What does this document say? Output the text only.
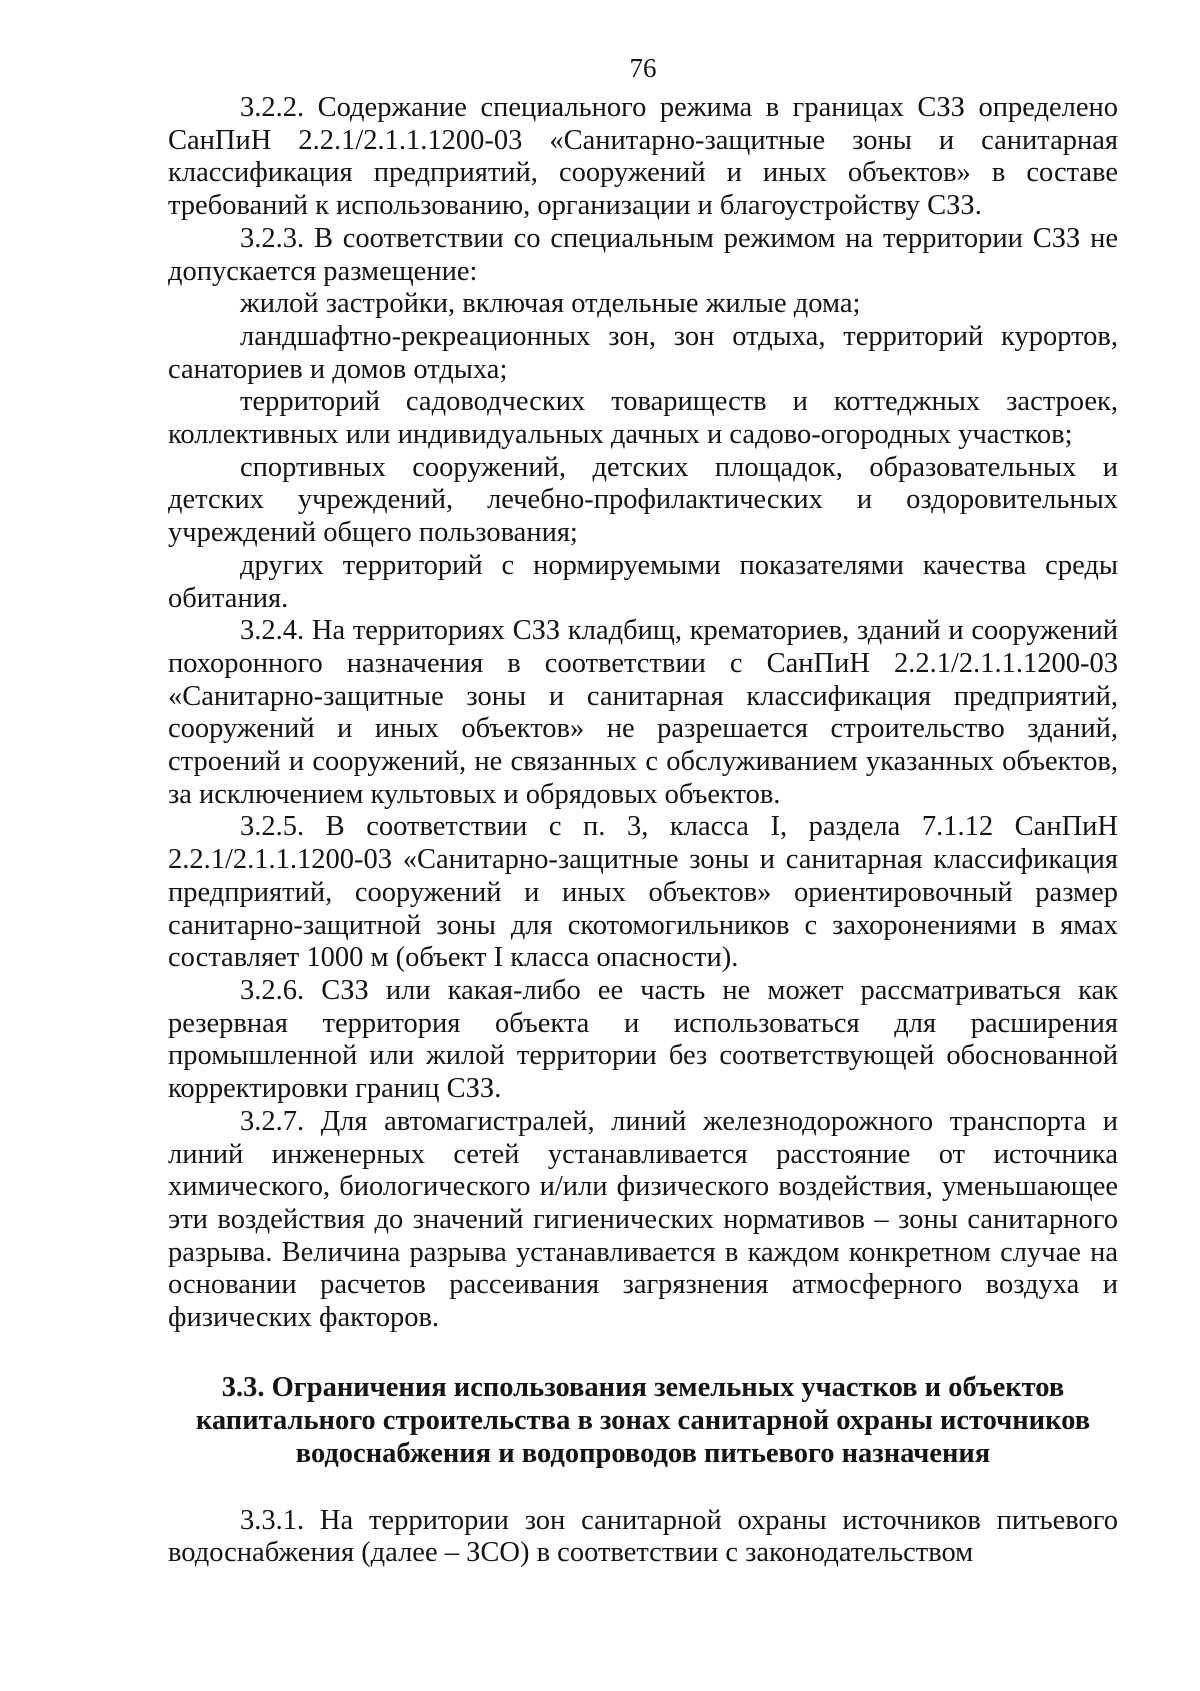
76

3.2.2. Содержание специального режима в границах СЗЗ определено СанПиН 2.2.1/2.1.1.1200-03 «Санитарно-защитные зоны и санитарная классификация предприятий, сооружений и иных объектов» в составе требований к использованию, организации и благоустройству СЗЗ.

3.2.3. В соответствии со специальным режимом на территории СЗЗ не допускается размещение:

жилой застройки, включая отдельные жилые дома;

ландшафтно-рекреационных зон, зон отдыха, территорий курортов, санаториев и домов отдыха;

территорий садоводческих товариществ и коттеджных застроек, коллективных или индивидуальных дачных и садово-огородных участков;

спортивных сооружений, детских площадок, образовательных и детских учреждений, лечебно-профилактических и оздоровительных учреждений общего пользования;

других территорий с нормируемыми показателями качества среды обитания.

3.2.4. На территориях СЗЗ кладбищ, крематориев, зданий и сооружений похоронного назначения в соответствии с СанПиН 2.2.1/2.1.1.1200-03 «Санитарно-защитные зоны и санитарная классификация предприятий, сооружений и иных объектов» не разрешается строительство зданий, строений и сооружений, не связанных с обслуживанием указанных объектов, за исключением культовых и обрядовых объектов.

3.2.5. В соответствии с п. 3, класса I, раздела 7.1.12 СанПиН 2.2.1/2.1.1.1200-03 «Санитарно-защитные зоны и санитарная классификация предприятий, сооружений и иных объектов» ориентировочный размер санитарно-защитной зоны для скотомогильников с захоронениями в ямах составляет 1000 м (объект I класса опасности).

3.2.6. СЗЗ или какая-либо ее часть не может рассматриваться как резервная территория объекта и использоваться для расширения промышленной или жилой территории без соответствующей обоснованной корректировки границ СЗЗ.

3.2.7. Для автомагистралей, линий железнодорожного транспорта и линий инженерных сетей устанавливается расстояние от источника химического, биологического и/или физического воздействия, уменьшающее эти воздействия до значений гигиенических нормативов – зоны санитарного разрыва. Величина разрыва устанавливается в каждом конкретном случае на основании расчетов рассеивания загрязнения атмосферного воздуха и физических факторов.

3.3. Ограничения использования земельных участков и объектов капитального строительства в зонах санитарной охраны источников водоснабжения и водопроводов питьевого назначения

3.3.1. На территории зон санитарной охраны источников питьевого водоснабжения (далее – ЗСО) в соответствии с законодательством
